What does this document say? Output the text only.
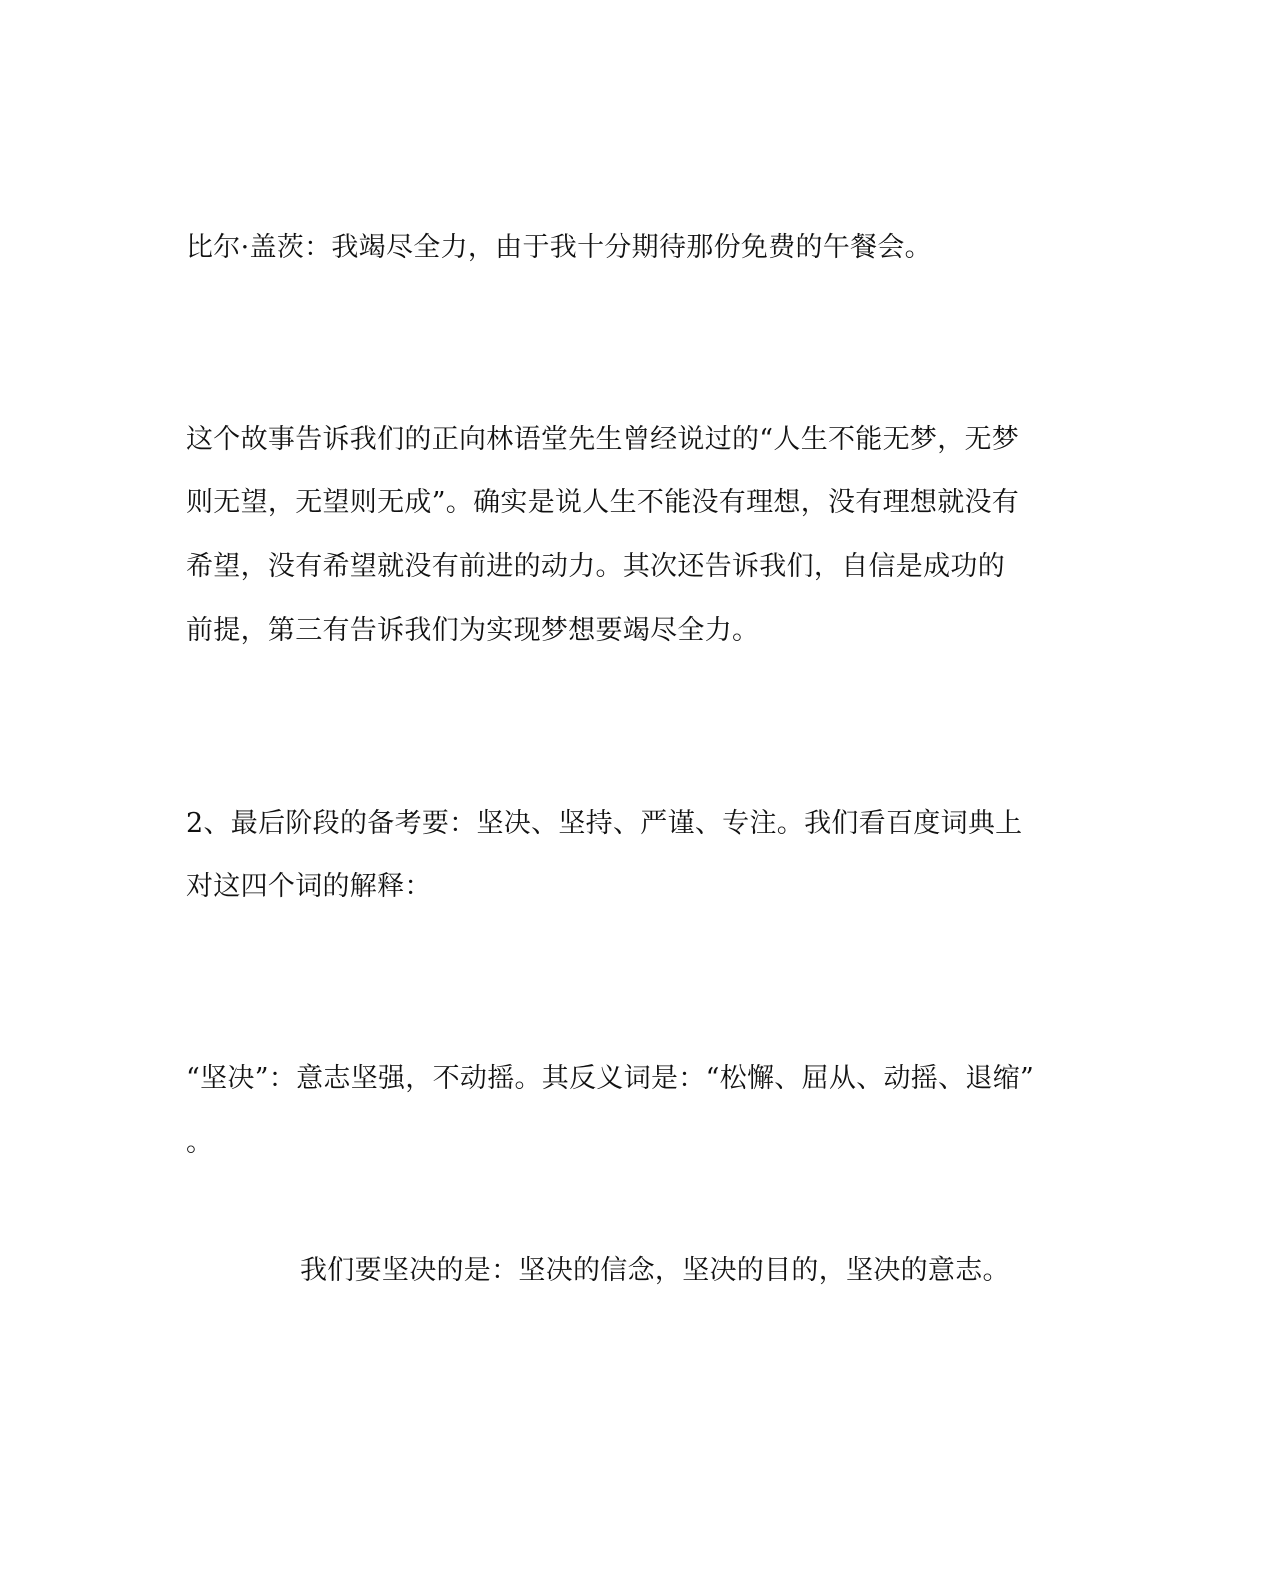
比尔·盖茨：我竭尽全力，由于我十分期待那份免费的午餐会。
这个故事告诉我们的正向林语堂先生曾经说过的“人生不能无梦，无梦
则无望，无望则无成”。确实是说人生不能没有理想，没有理想就没有
希望，没有希望就没有前进的动力。其次还告诉我们，自信是成功的
前提，第三有告诉我们为实现梦想要竭尽全力。
2、最后阶段的备考要：坚决、坚持、严谨、专注。我们看百度词典上
对这四个词的解释：
“坚决”：意志坚强，不动摇。其反义词是：“松懈、屈从、动摇、退缩”
。
我们要坚决的是：坚决的信念，坚决的目的，坚决的意志。
